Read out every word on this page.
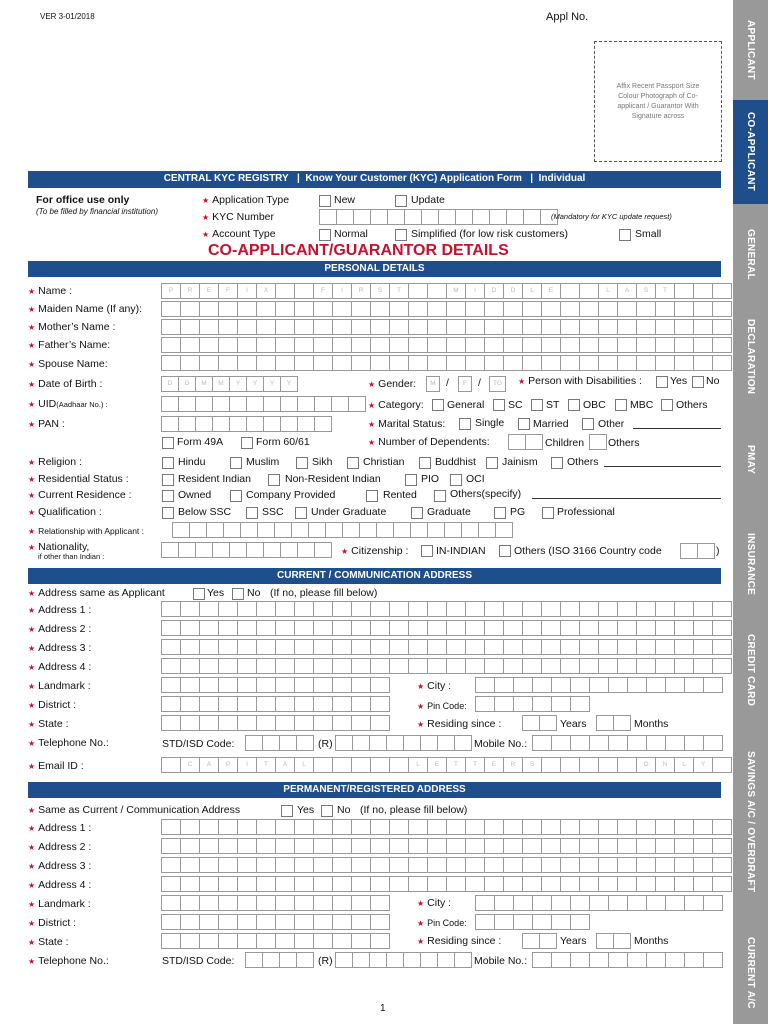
VER 3-01/2018	Appl No.
Affix Recent Passport Size Colour Photograph of Co-applicant / Guarantor With Signature across
APPLICANT
CO-APPLICANT
GENERAL
DECLARATION
PMAY
INSURANCE
CREDIT CARD
SAVINGS A/C / OVERDRAFT
CURRENT A/C
CENTRAL KYC REGISTRY | Know Your Customer (KYC) Application Form | Individual
For office use only
(To be filled by financial institution)
★ Application Type	New	Update
★ KYC Number	(Mandatory for KYC update request)
★ Account Type	Normal	Simplified (for low risk customers)	Small
CO-APPLICANT/GUARANTOR DETAILS
PERSONAL DETAILS
★ Name :	P	R	E	F	I	X	F	I	R	S	T	M	I	D	D	L	E	L	A	S	T
★ Maiden Name (If any):
★ Mother’s Name :
★ Father’s Name:
★ Spouse Name:
★ Date of Birth :	D	D	M	M	Y	Y	Y	Y	★ Gender:	M /	F	/	TG	★ Person with Disabilities :	Yes No
★ UID(Aadhaar No.) :	★ Category: General SC ST OBC MBC Others
★ PAN :	★ Marital Status:	Single	Married	Other
Form 49A	Form 60/61	★ Number of Dependents:	Children Others
★ Religion :	Hindu	Muslim	Sikh	Christian	Buddhist Jainism	Others
★ Residential Status :	Resident Indian	Non-Resident Indian	PIO	OCI
★ Current Residence :	Owned	Company Provided	Rented	Others(specify)
★ Qualification :	Below SSC	SSC	Under Graduate	Graduate	PG	Professional
★ Relationship with Applicant :
★ Nationality,
if other than Indian :
★ Citizenship :	IN-INDIAN	Others (ISO 3166 Country code	)
CURRENT / COMMUNICATION ADDRESS
★ Address same as Applicant	Yes No (If no, please fill below)
★ Address 1 :
★ Address 2 :
★ Address 3 :
★ Address 4 :
★ Landmark :	★ City :
★ District :	★ Pin Code:
★ State :	★ Residing since :	Years	Months
★ Telephone No.:	STD/ISD Code:	(R)	Mobile No.:
★ Email ID :	C	A	P	I	T	A	L	L	E	T	T	E	R	S	O	N	L	Y
PERMANENT/REGISTERED ADDRESS
★ Same as Current / Communication Address	Yes No (If no, please fill below)
★ Address 1 :
★ Address 2 :
★ Address 3 :
★ Address 4 :
★ Landmark :	★ City :
★ District :	★ Pin Code:
★ State :	★ Residing since :	Years	Months
★ Telephone No.:	STD/ISD Code:	(R)	Mobile No.:
1
